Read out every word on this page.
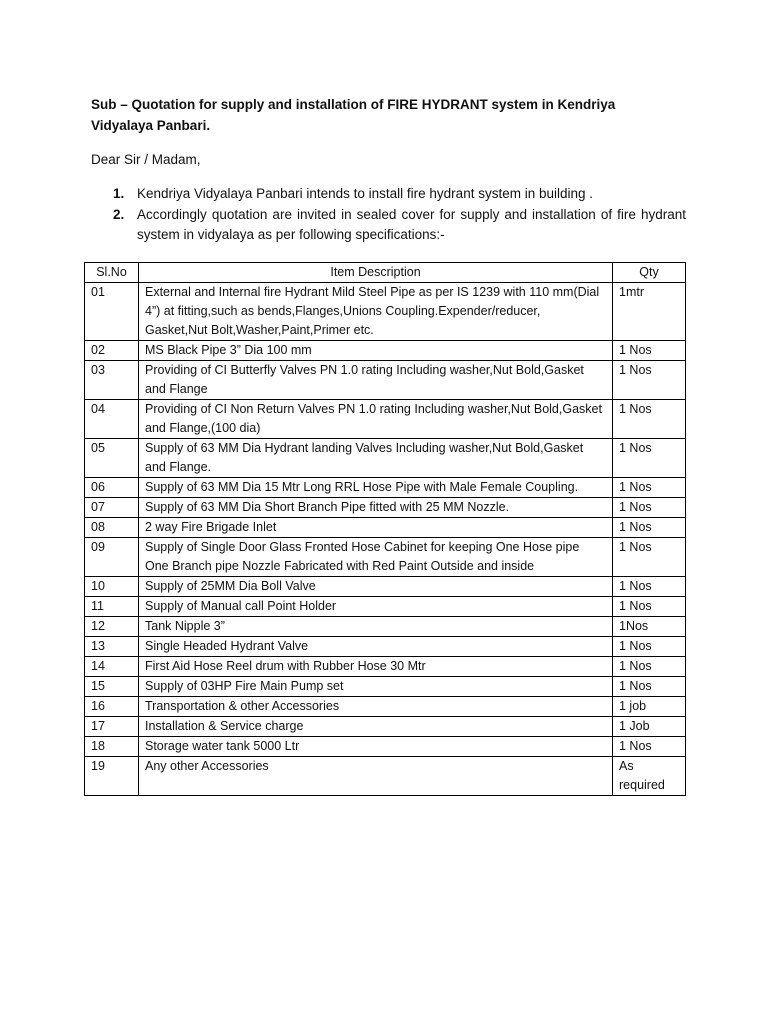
Sub – Quotation for supply and installation of FIRE HYDRANT system in Kendriya Vidyalaya Panbari.
Dear Sir / Madam,
1. Kendriya Vidyalaya Panbari intends to install fire hydrant system in building .
2. Accordingly quotation are invited in sealed cover for supply and installation of fire hydrant system in vidyalaya as per following specifications:-
Sl.No	Item Description	Qty
01	External and Internal fire Hydrant Mild Steel Pipe as per IS 1239 with 110 mm(Dial 4”) at fitting,such as bends,Flanges,Unions Coupling.Expender/reducer, Gasket,Nut Bolt,Washer,Paint,Primer etc.	1mtr
02	MS Black Pipe 3” Dia 100 mm	1 Nos
03	Providing of CI Butterfly Valves PN 1.0 rating Including washer,Nut Bold,Gasket and Flange	1 Nos
04	Providing of CI Non Return Valves PN 1.0 rating Including washer,Nut Bold,Gasket and Flange,(100 dia)	1 Nos
05	Supply of 63 MM Dia Hydrant landing Valves Including washer,Nut Bold,Gasket and Flange.	1 Nos
06	Supply of 63 MM Dia 15 Mtr Long RRL Hose Pipe with Male Female Coupling.	1 Nos
07	Supply of 63 MM Dia Short Branch Pipe fitted with 25 MM Nozzle.	1 Nos
08	2 way Fire Brigade Inlet	1 Nos
09	Supply of Single Door Glass Fronted Hose Cabinet for keeping One Hose pipe One Branch pipe Nozzle Fabricated with Red Paint Outside and inside	1 Nos
10	Supply of 25MM Dia Boll Valve	1 Nos
11	Supply of Manual call Point Holder	1 Nos
12	Tank Nipple 3”	1Nos
13	Single Headed Hydrant Valve	1 Nos
14	First Aid Hose Reel drum with Rubber Hose 30 Mtr	1 Nos
15	Supply of 03HP Fire Main Pump set	1 Nos
16	Transportation & other Accessories	1 job
17	Installation & Service charge	1 Job
18	Storage water tank 5000 Ltr	1 Nos
19	Any other Accessories	As required
